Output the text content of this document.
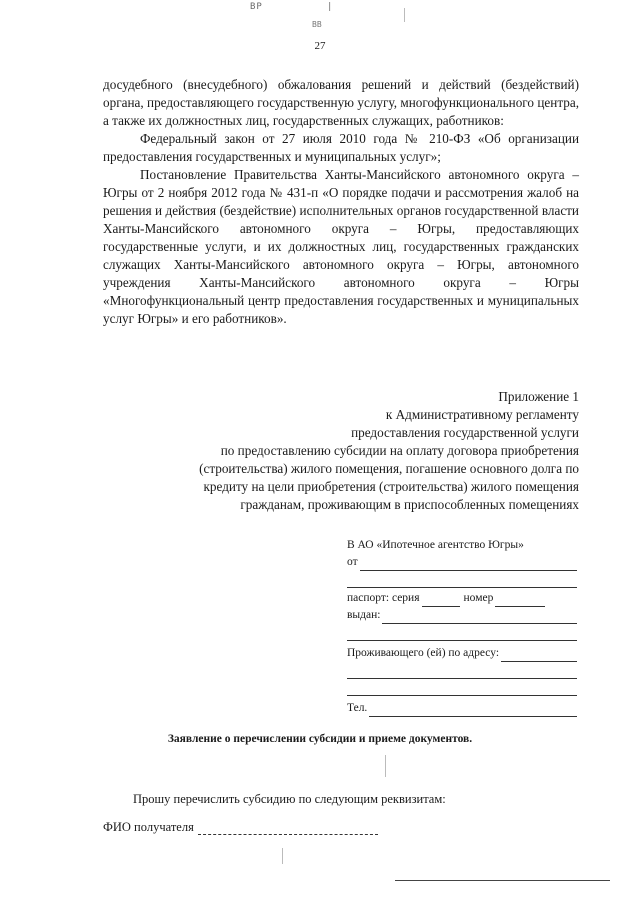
BP          |
ВВ
27

досудебного (внесудебного) обжалования решений и действий (бездействий) органа, предоставляющего государственную услугу, многофункционального центра, а также их должностных лиц, государственных служащих, работников:

Федеральный закон от 27 июля 2010 года № 210-ФЗ «Об организации предоставления государственных и муниципальных услуг»;

Постановление Правительства Ханты-Мансийского автономного округа – Югры от 2 ноября 2012 года № 431-п «О порядке подачи и рассмотрения жалоб на решения и действия (бездействие) исполнительных органов государственной власти Ханты-Мансийского автономного округа – Югры, предоставляющих государственные услуги, и их должностных лиц, государственных гражданских служащих Ханты-Мансийского автономного округа – Югры, автономного учреждения Ханты-Мансийского автономного округа – Югры «Многофункциональный центр предоставления государственных и муниципальных услуг Югры» и его работников».

Приложение 1
к Административному регламенту
предоставления государственной услуги
по предоставлению субсидии на оплату договора приобретения
(строительства) жилого помещения, погашение основного долга по
кредиту на цели приобретения (строительства) жилого помещения
гражданам, проживающим в приспособленных помещениях
В АО «Ипотечное агентство Югры»
от
паспорт: серия	номер
выдан:
Проживающего (ей) по адресу:
Тел.
Заявление о перечислении субсидии и приеме документов.
Прошу перечислить субсидию по следующим реквизитам:
ФИО получателя
